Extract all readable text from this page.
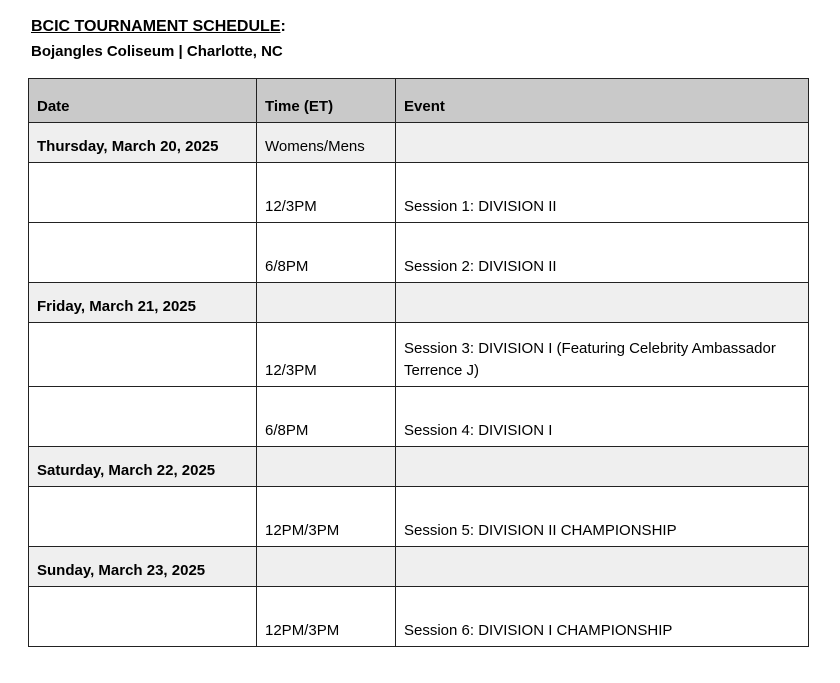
BCIC TOURNAMENT SCHEDULE:
Bojangles Coliseum | Charlotte, NC
Date	Time (ET)	Event
Thursday, March 20, 2025	Womens/Mens	
	12/3PM	Session 1: DIVISION II
	6/8PM	Session 2: DIVISION II
Friday, March 21, 2025		
	12/3PM	Session 3: DIVISION I (Featuring Celebrity Ambassador Terrence J)
	6/8PM	Session 4: DIVISION I
Saturday, March 22, 2025		
	12PM/3PM	Session 5: DIVISION II CHAMPIONSHIP
Sunday, March 23, 2025		
	12PM/3PM	Session 6: DIVISION I CHAMPIONSHIP
